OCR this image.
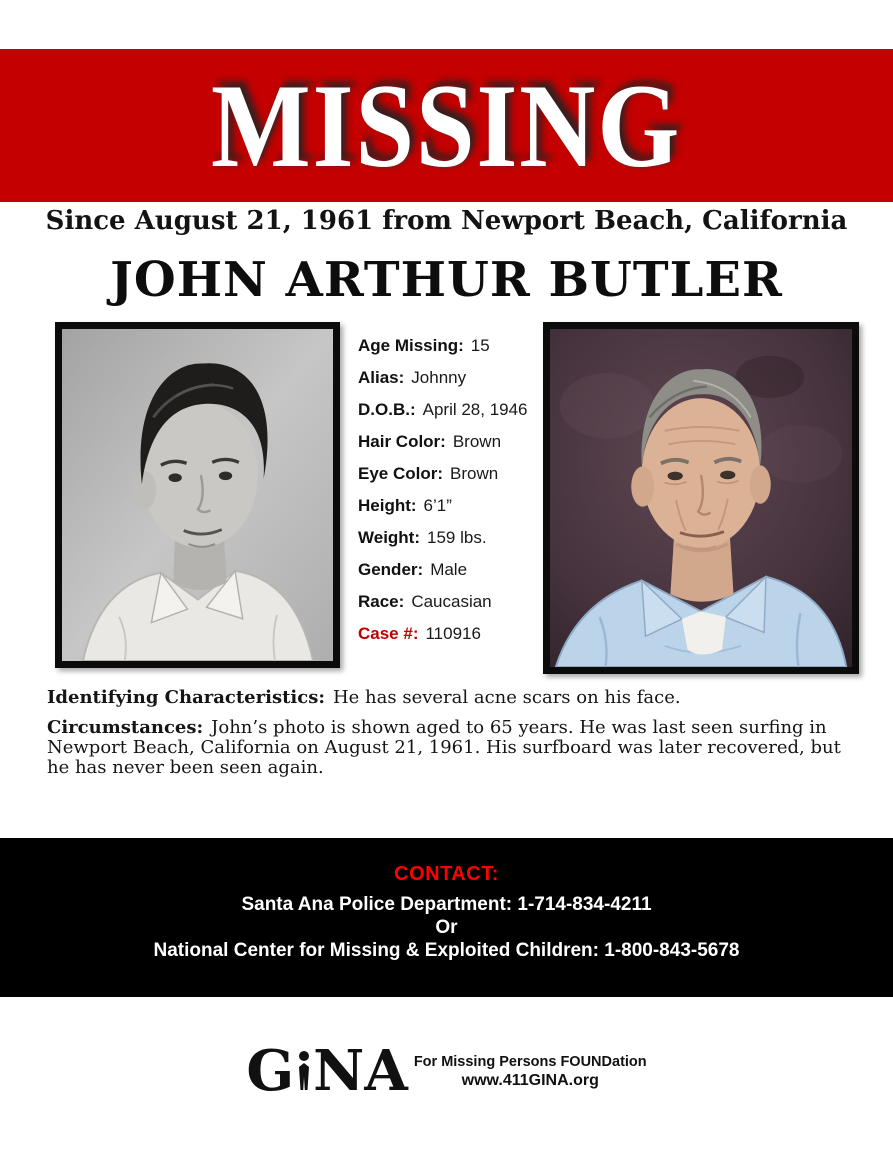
MISSING
Since August 21, 1961 from Newport Beach, California
JOHN ARTHUR BUTLER
Age Missing: 15
Alias: Johnny
D.O.B.: April 28, 1946
Hair Color: Brown
Eye Color: Brown
Height: 6’1”
Weight: 159 lbs.
Gender: Male
Race: Caucasian
Case #: 110916

Identifying Characteristics: He has several acne scars on his face.

Circumstances: John’s photo is shown aged to 65 years. He was last seen surfing in Newport Beach, California on August 21, 1961. His surfboard was later recovered, but he has never been seen again.

CONTACT:
Santa Ana Police Department: 1-714-834-4211
Or
National Center for Missing & Exploited Children: 1-800-843-5678
G NA For Missing Persons FOUNDation
www.411GINA.org
